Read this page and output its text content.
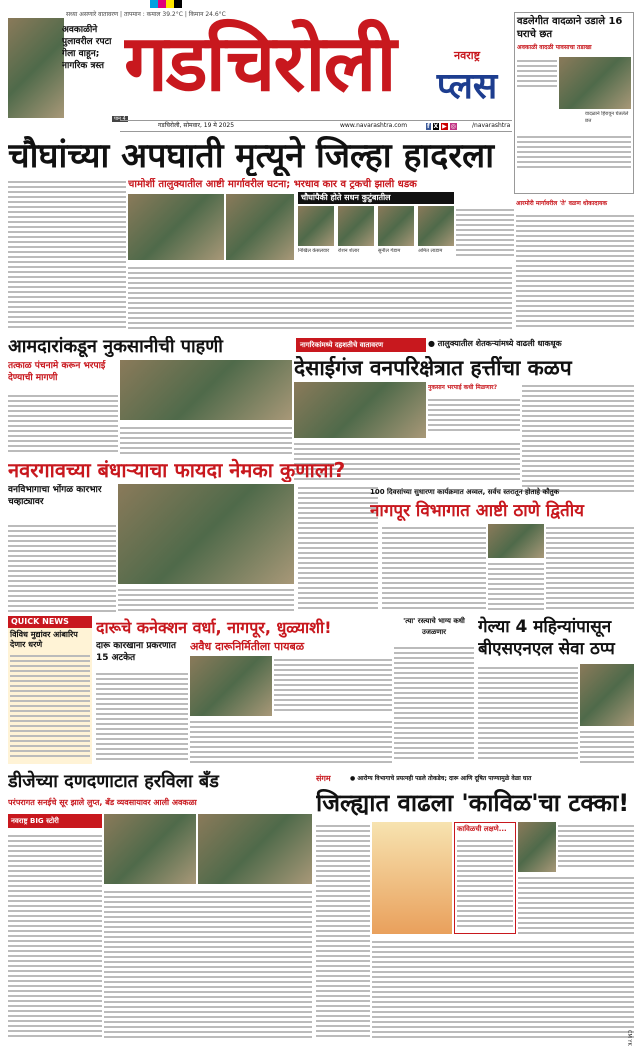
सध्या असणारे वातावरण | तापमान : कमाल 39.2°C | किमान 24.6°C
अवकाळीने पुलावरील रपटा गेला वाहून; नागरिक त्रस्त
पान 4
गडचिरोली	नवराष्ट्र
प्लस
गडचिरोली, सोमवार, 19 मे 2025	www.navarashtra.com	f X ▶ ◎	/navarashtra
वडलेगीत वादळाने उडाले 16 घराचे छत
अवकाळी वादळी पावसाचा तडाखा
वादळाने हिरावून घेतलेले छत
चौघांच्या अपघाती मृत्यूने जिल्हा हादरला
चामोर्शी तालुक्यातील आष्टी मार्गावरील घटना; भरधाव कार व ट्रकची झाली धडक
चौघांपैकी होते सधन कुटुंबातील
निखिल केसलवार	रोशन शेलार	सुनील गेडाम	अमित लाडाम
आरमोरी मार्गावरील 'ते' वळण धोकादायक
आमदारांकडून नुकसानीची पाहणी	नागरिकांमध्ये दहशतीचे वातावरण	● तालुक्यातील शेतकऱ्यांमध्ये वाढली धाकधूक
तत्काळ पंचनामे करून भरपाई देण्याची मागणी	देसाईगंज वनपरिक्षेत्रात हत्तींचा कळप
नुकसान भरपाई कधी मिळणार?
नवरगावच्या बंधाऱ्याचा फायदा नेमका कुणाला?
वनविभागाचा भोंगळ कारभार चव्हाट्यावर
100 दिवसांच्या सुधारणा कार्यक्रमात अव्वल, सर्वच स्तरातून होताहे कौतुक
नागपूर विभागात आष्टी ठाणे द्वितीय
QUICK NEWS
विविध मुद्यांवर आंबारिप देणार धरणे
दारूचे कनेक्शन वर्धा, नागपूर, धुळ्याशी!
दारू कारखाना प्रकरणात 15 अटकेत
अवैध दारूनिर्मितीला पायबळ
'त्या' रस्त्याचे भाग्य कधी उजळणार	गेल्या 4 महिन्यांपासून बीएसएनएल सेवा ठप्प
डीजेच्या दणदणाटात हरविला बँड
परंपरागत सनईचे सूर झाले लुप्त, बँड व्यवसायावर आली अवकळा
नवराष्ट्र BIG स्टोरी
संगम	● आरोग्य विभागाचे प्रयत्नही पडले तोकडेच; दारू आणि दूषित पाण्यामुळे वेळा घात
जिल्ह्यात वाढला 'काविळ'चा टक्का!
काविळची लक्षणे...
CM YK
